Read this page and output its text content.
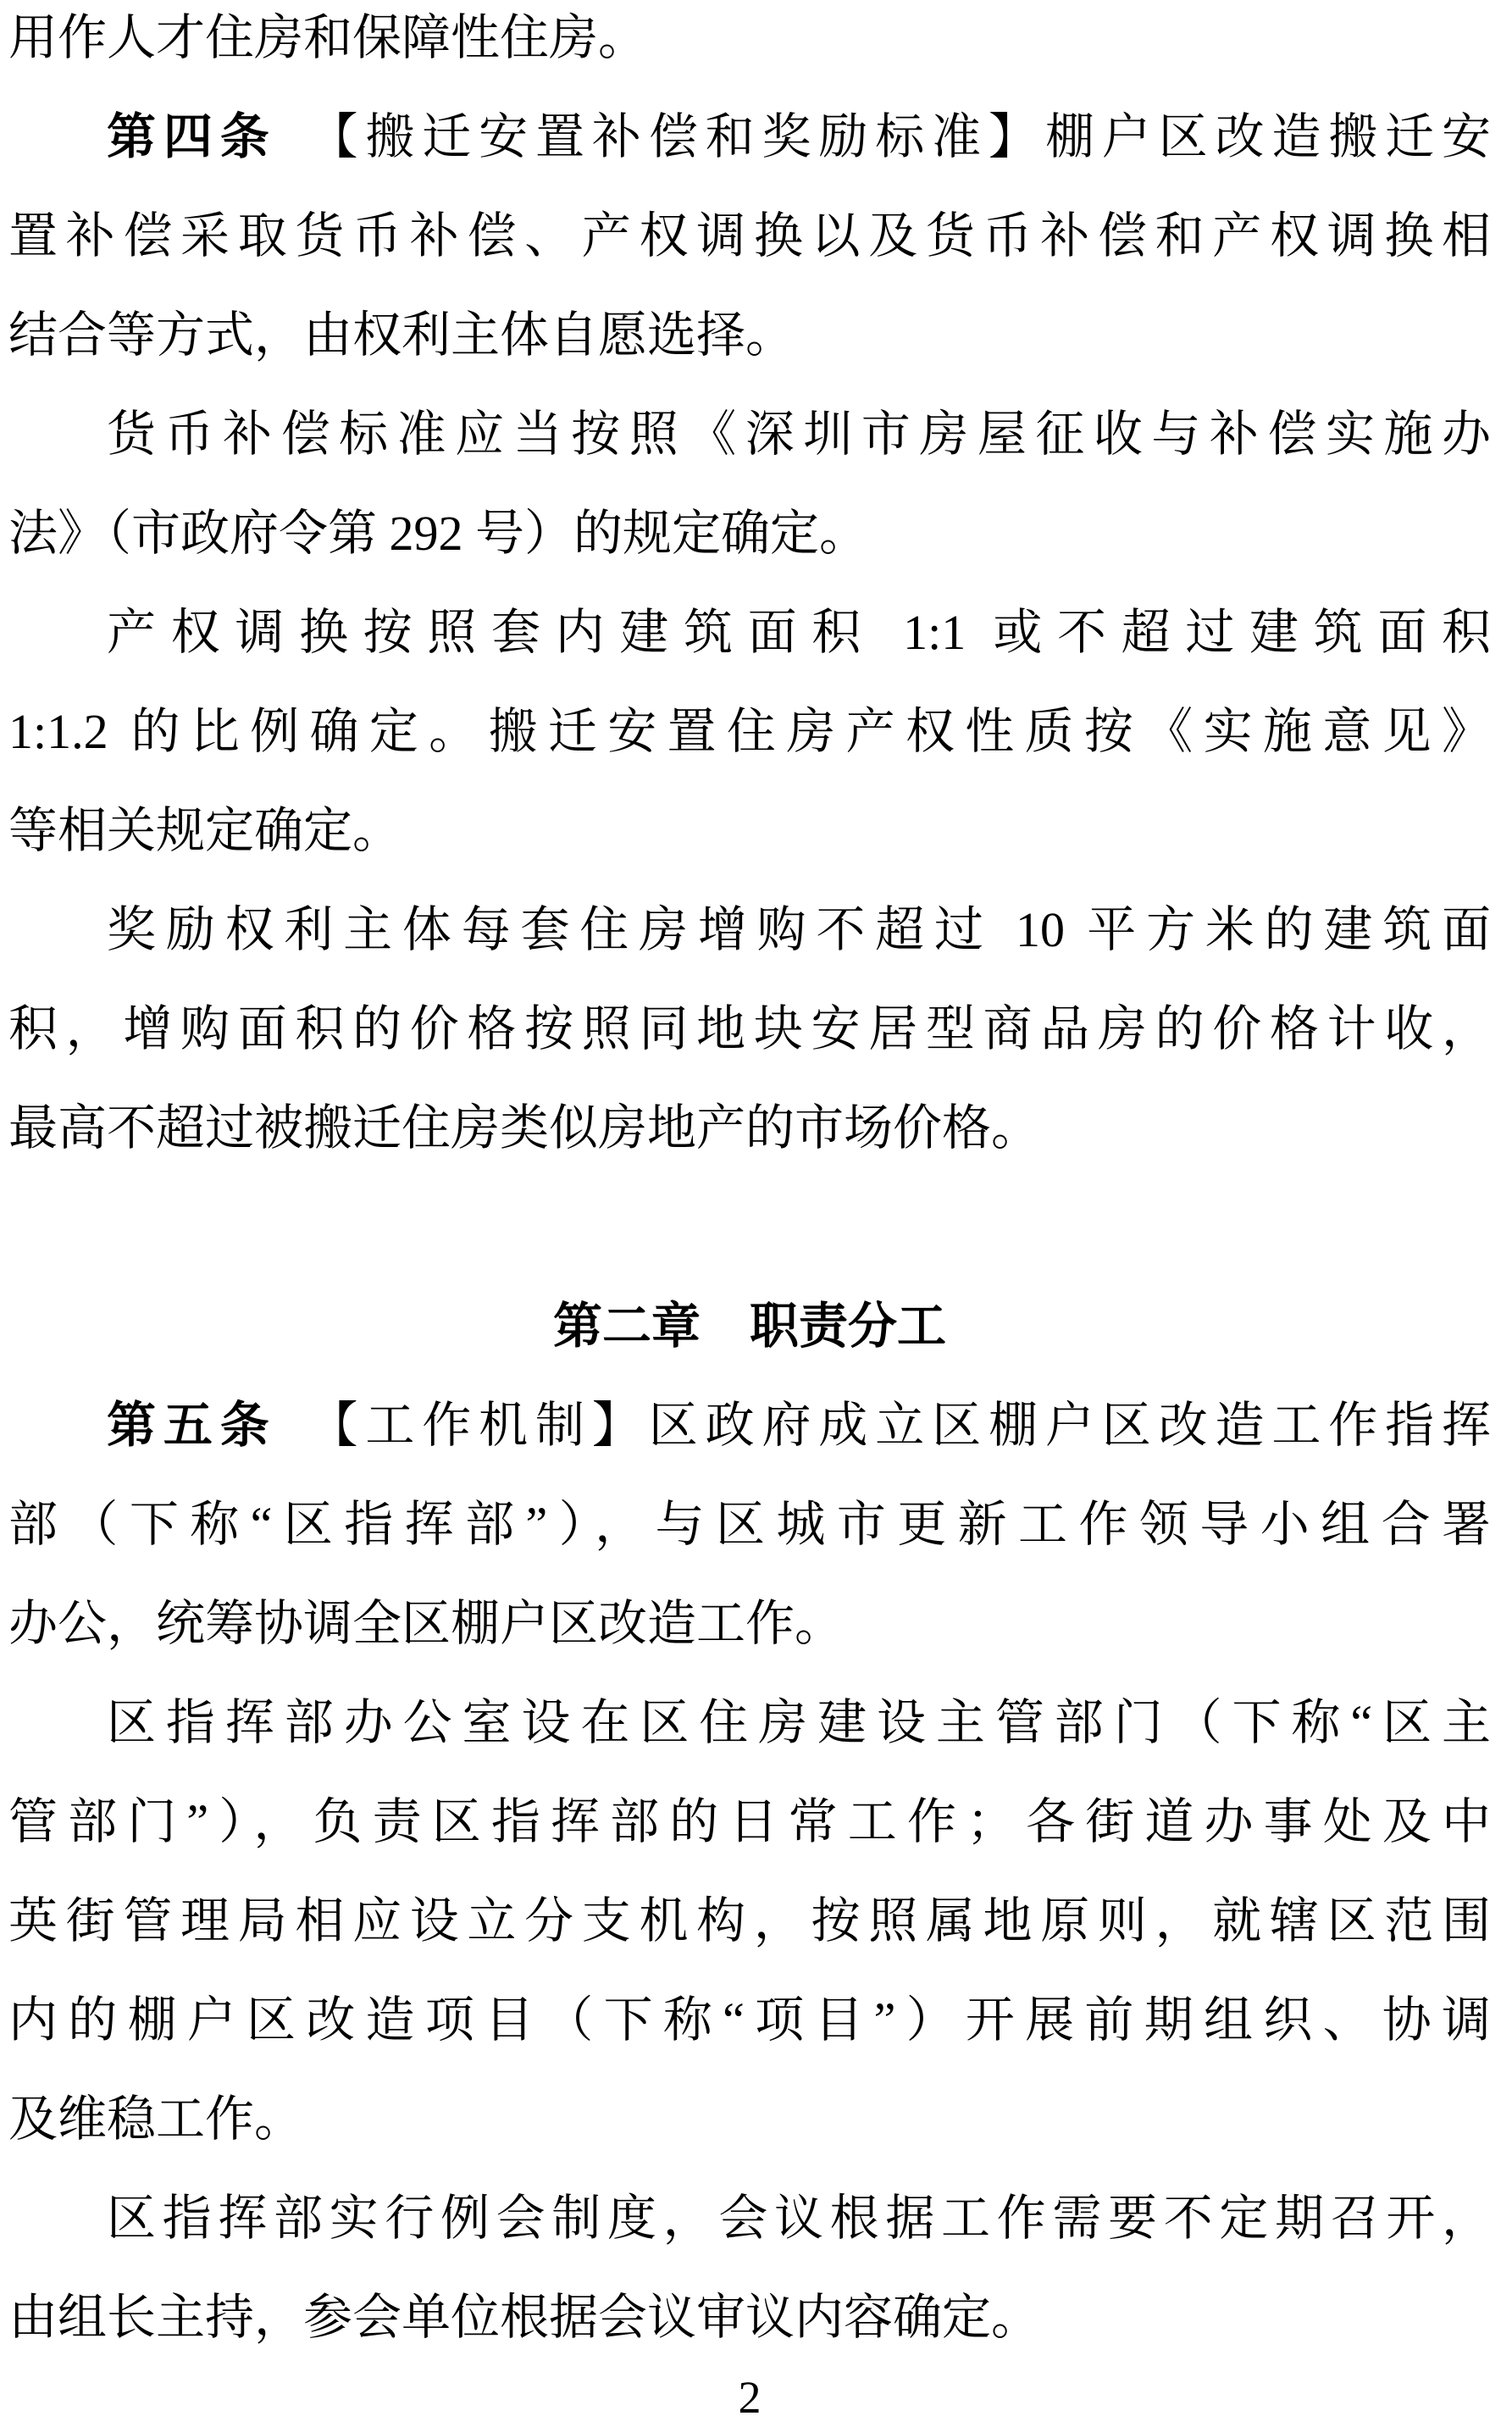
用作人才住房和保障性住房。
第四条　【搬迁安置补偿和奖励标准】棚户区改造搬迁安
置补偿采取货币补偿、产权调换以及货币补偿和产权调换相
结合等方式，由权利主体自愿选择。
货币补偿标准应当按照《深圳市房屋征收与补偿实施办
法》（市政府令第 292 号）的规定确定。
产权调换按照套内建筑面积 1:1 或不超过建筑面积
1:1.2 的比例确定。搬迁安置住房产权性质按《实施意见》
等相关规定确定。
奖励权利主体每套住房增购不超过 10 平方米的建筑面
积，增购面积的价格按照同地块安居型商品房的价格计收，
最高不超过被搬迁住房类似房地产的市场价格。
第二章　职责分工
第五条　【工作机制】区政府成立区棚户区改造工作指挥
部（下称“区指挥部”），与区城市更新工作领导小组合署
办公，统筹协调全区棚户区改造工作。
区指挥部办公室设在区住房建设主管部门（下称“区主
管部门”），负责区指挥部的日常工作；各街道办事处及中
英街管理局相应设立分支机构，按照属地原则，就辖区范围
内的棚户区改造项目（下称“项目”）开展前期组织、协调
及维稳工作。
区指挥部实行例会制度，会议根据工作需要不定期召开，
由组长主持，参会单位根据会议审议内容确定。
2
